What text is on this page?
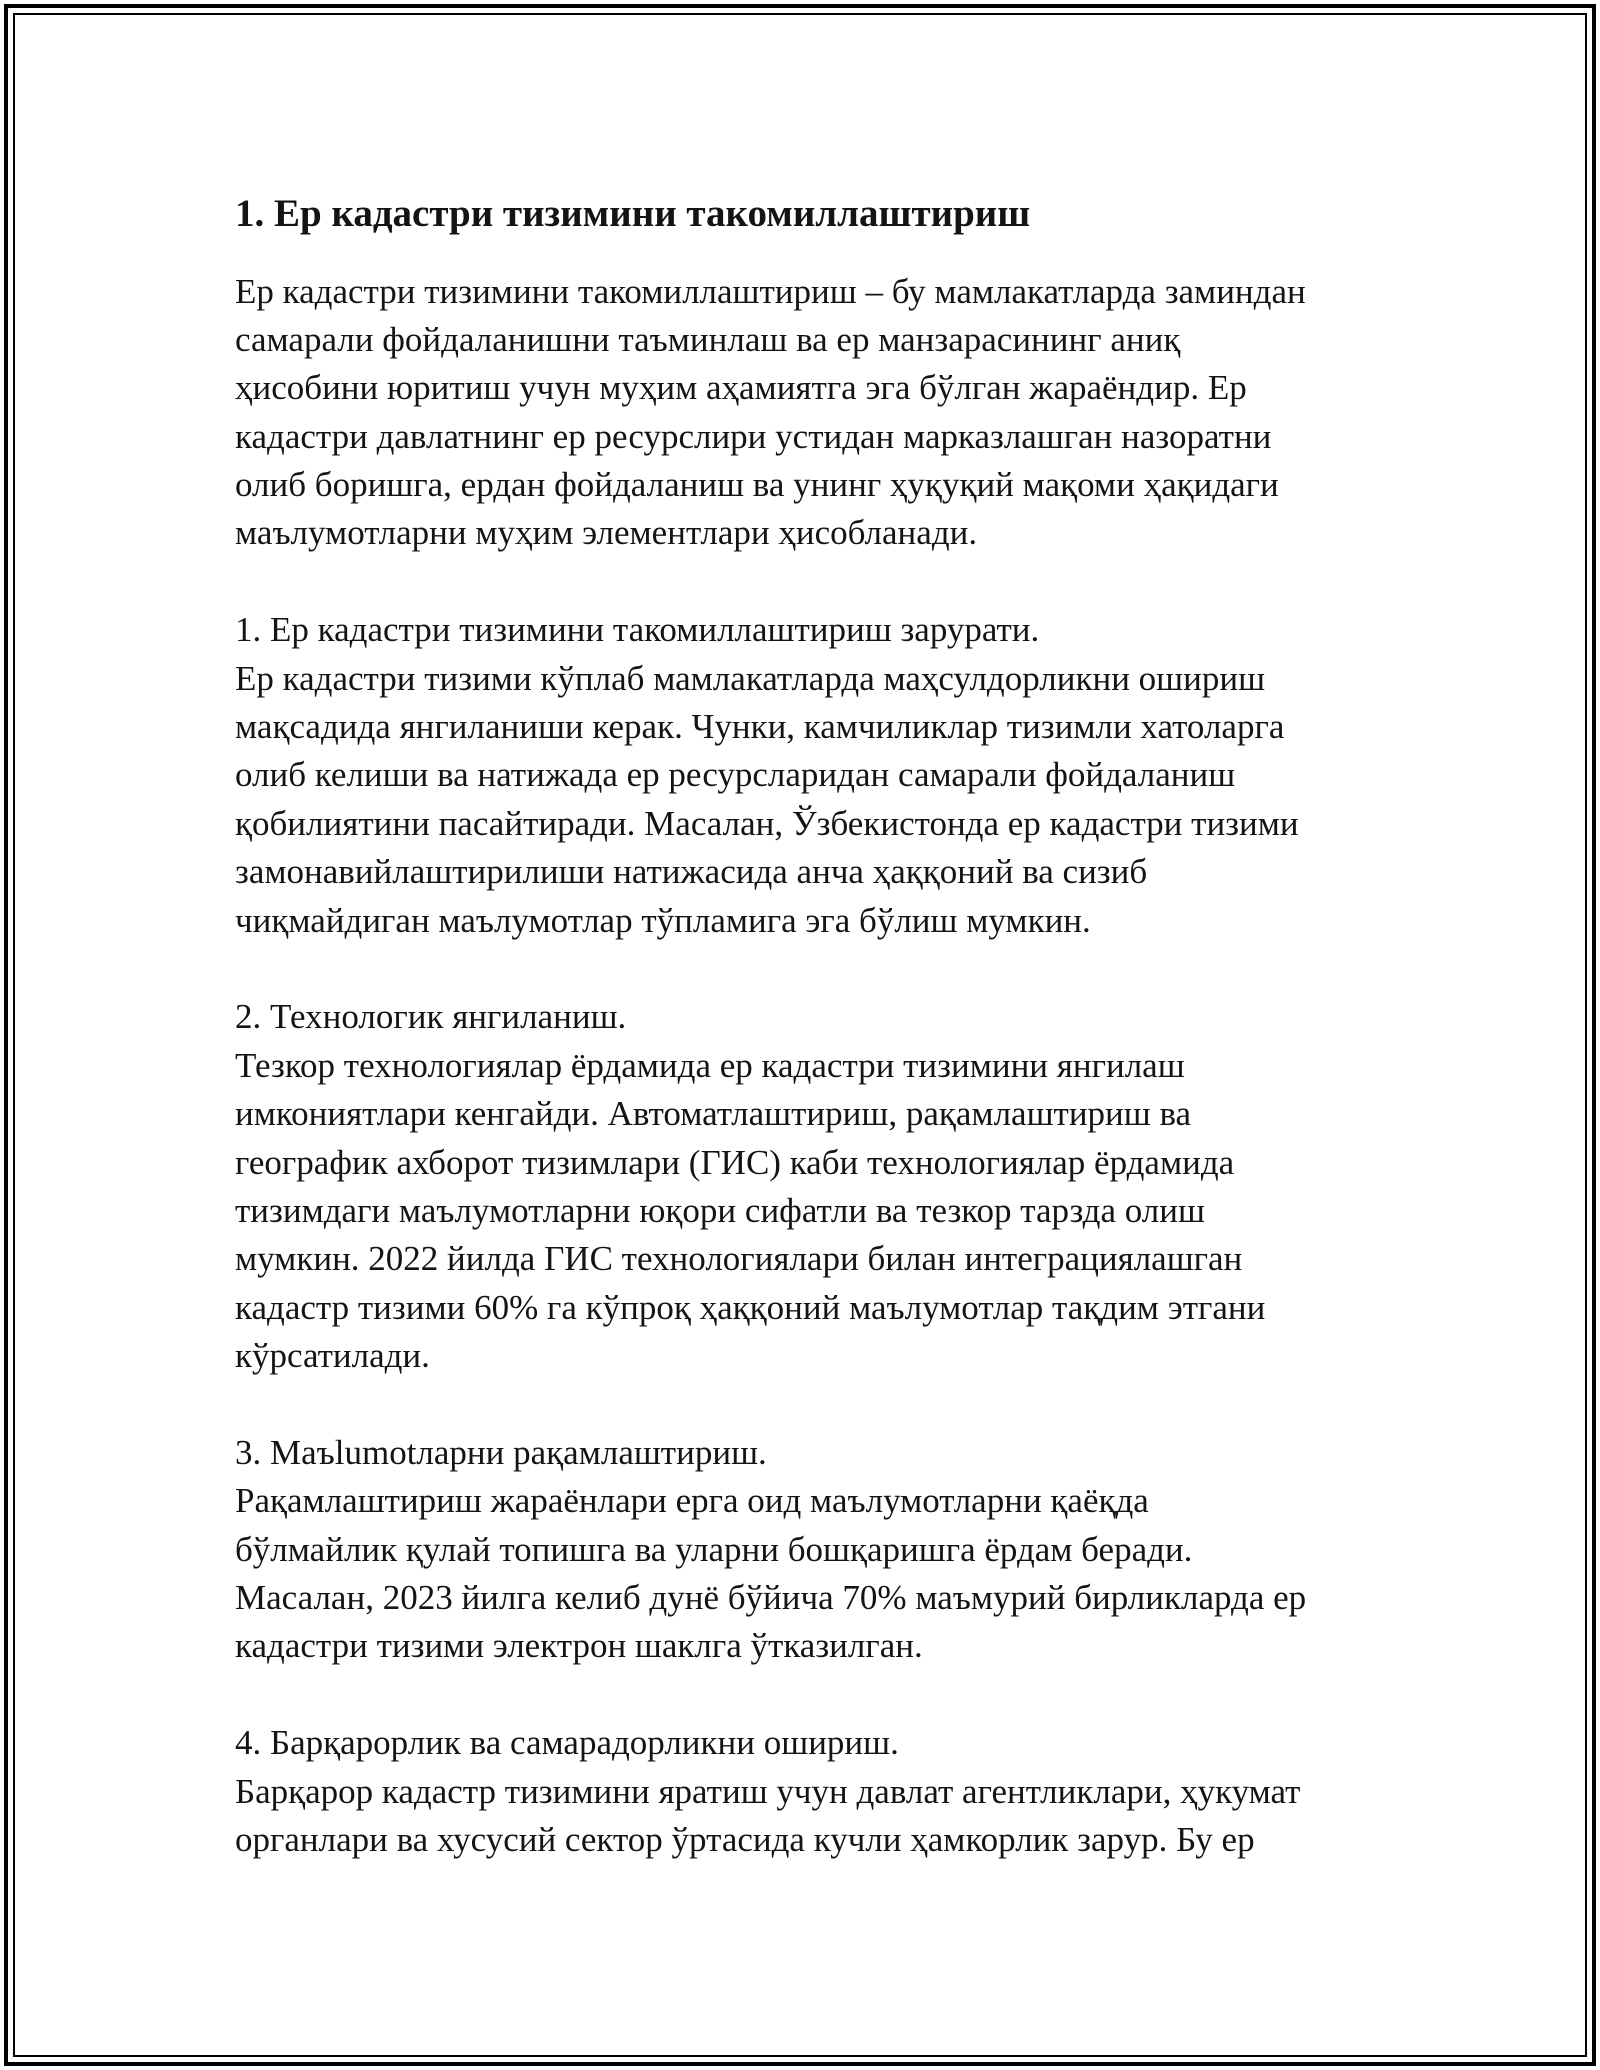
1. Ер кадастри тизимини такомиллаштириш
Ер кадастри тизимини такомиллаштириш – бу мамлакатларда заминдан
самарали фойдаланишни таъминлаш ва ер манзарасининг аниқ
ҳисобини юритиш учун муҳим аҳамиятга эга бўлган жараёндир. Ер
кадастри давлатнинг ер ресурслири устидан марказлашган назоратни
олиб боришга, ердан фойдаланиш ва унинг ҳуқуқий мақоми ҳақидаги
маълумотларни муҳим элементлари ҳисобланади.
1. Ер кадастри тизимини такомиллаштириш зарурати.
Ер кадастри тизими кўплаб мамлакатларда маҳсулдорликни ошириш
мақсадида янгиланиши керак. Чунки, камчиликлар тизимли хатоларга
олиб келиши ва натижада ер ресурсларидан самарали фойдаланиш
қобилиятини пасайтиради. Масалан, Ўзбекистонда ер кадастри тизими
замонавийлаштирилиши натижасида анча ҳаққоний ва сизиб
чиқмайдиган маълумотлар тўпламига эга бўлиш мумкин.
2. Технологик янгиланиш.
Тезкор технологиялар ёрдамида ер кадастри тизимини янгилаш
имкониятлари кенгайди. Автоматлаштириш, рақамлаштириш ва
географик ахборот тизимлари (ГИС) каби технологиялар ёрдамида
тизимдаги маълумотларни юқори сифатли ва тезкор тарзда олиш
мумкин. 2022 йилда ГИС технологиялари билан интеграциялашган
кадастр тизими 60% га кўпроқ ҳаққоний маълумотлар тақдим этгани
кўрсатилади.
3. Маъlumotларни рақамлаштириш.
Рақамлаштириш жараёнлари ерга оид маълумотларни қаёқда
бўлмайлик қулай топишга ва уларни бошқаришга ёрдам беради.
Масалан, 2023 йилга келиб дунё бўйича 70% маъмурий бирликларда ер
кадастри тизими электрон шаклга ўтказилган.
4. Барқарорлик ва самарадорликни ошириш.
Барқарор кадастр тизимини яратиш учун давлат агентликлари, ҳукумат
органлари ва хусусий сектор ўртасида кучли ҳамкорлик зарур. Бу ер
